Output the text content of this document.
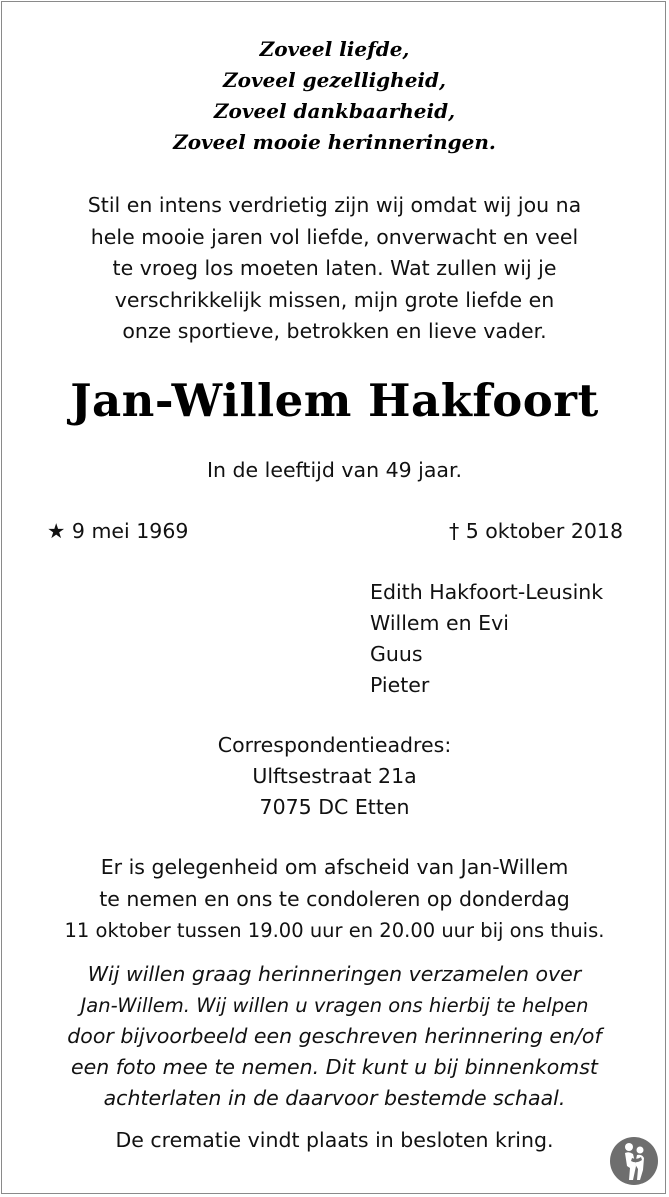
Zoveel liefde,
Zoveel gezelligheid,
Zoveel dankbaarheid,
Zoveel mooie herinneringen.
Stil en intens verdrietig zijn wij omdat wij jou na
hele mooie jaren vol liefde, onverwacht en veel
te vroeg los moeten laten. Wat zullen wij je
verschrikkelijk missen, mijn grote liefde en
onze sportieve, betrokken en lieve vader.
Jan-Willem Hakfoort
In de leeftijd van 49 jaar.
★ 9 mei 1969	† 5 oktober 2018
Edith Hakfoort-Leusink
Willem en Evi
Guus
Pieter
Correspondentieadres:
Ulftsestraat 21a
7075 DC Etten
Er is gelegenheid om afscheid van Jan-Willem
te nemen en ons te condoleren op donderdag
11 oktober tussen 19.00 uur en 20.00 uur bij ons thuis.
Wij willen graag herinneringen verzamelen over
Jan-Willem. Wij willen u vragen ons hierbij te helpen
door bijvoorbeeld een geschreven herinnering en/of
een foto mee te nemen. Dit kunt u bij binnenkomst
achterlaten in de daarvoor bestemde schaal.
De crematie vindt plaats in besloten kring.
